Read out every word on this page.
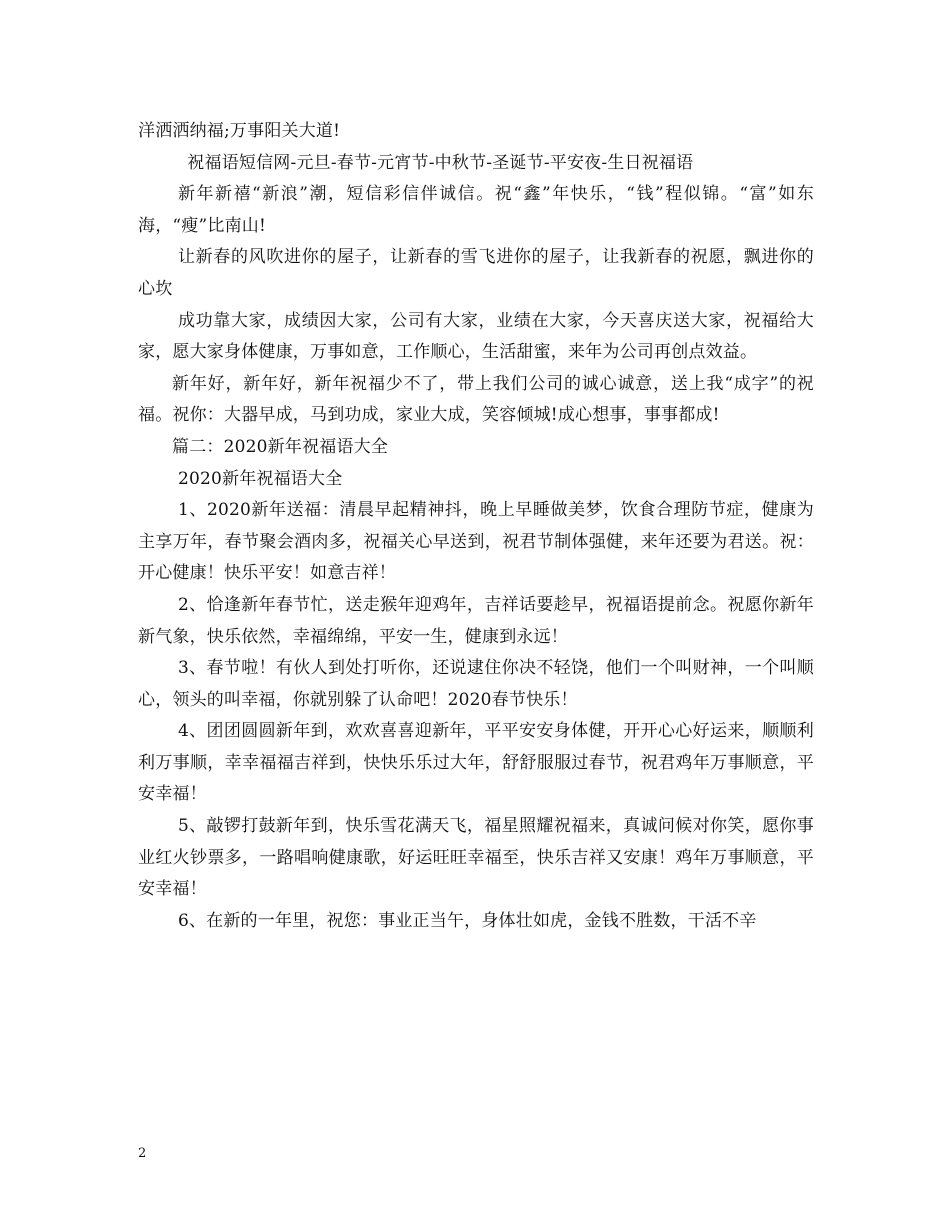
洋洒洒纳福;万事阳关大道!

祝福语短信网-元旦-春节-元宵节-中秋节-圣诞节-平安夜-生日祝福语

新年新禧“新浪”潮，短信彩信伴诚信。祝“鑫”年快乐，“钱”程似锦。“富”如东海，“瘦”比南山!

让新春的风吹进你的屋子，让新春的雪飞进你的屋子，让我新春的祝愿，飘进你的心坎

成功靠大家，成绩因大家，公司有大家，业绩在大家，今天喜庆送大家，祝福给大家，愿大家身体健康，万事如意，工作顺心，生活甜蜜，来年为公司再创点效益。

新年好，新年好，新年祝福少不了，带上我们公司的诚心诚意，送上我“成字”的祝福。祝你：大器早成，马到功成，家业大成，笑容倾城!成心想事，事事都成!

篇二：2020新年祝福语大全

2020新年祝福语大全

1、2020新年送福：清晨早起精神抖，晚上早睡做美梦，饮食合理防节症，健康为主享万年，春节聚会酒肉多，祝福关心早送到，祝君节制体强健，来年还要为君送。祝：开心健康！快乐平安！如意吉祥！

2、恰逢新年春节忙，送走猴年迎鸡年，吉祥话要趁早，祝福语提前念。祝愿你新年新气象，快乐依然，幸福绵绵，平安一生，健康到永远！

3、春节啦！有伙人到处打听你，还说逮住你决不轻饶，他们一个叫财神，一个叫顺心，领头的叫幸福，你就别躲了认命吧！2020春节快乐！

4、团团圆圆新年到，欢欢喜喜迎新年，平平安安身体健，开开心心好运来，顺顺利利万事顺，幸幸福福吉祥到，快快乐乐过大年，舒舒服服过春节，祝君鸡年万事顺意，平安幸福！

5、敲锣打鼓新年到，快乐雪花满天飞，福星照耀祝福来，真诚问候对你笑，愿你事业红火钞票多，一路唱响健康歌，好运旺旺幸福至，快乐吉祥又安康！鸡年万事顺意，平安幸福！

6、在新的一年里，祝您：事业正当午，身体壮如虎，金钱不胜数，干活不辛

2
